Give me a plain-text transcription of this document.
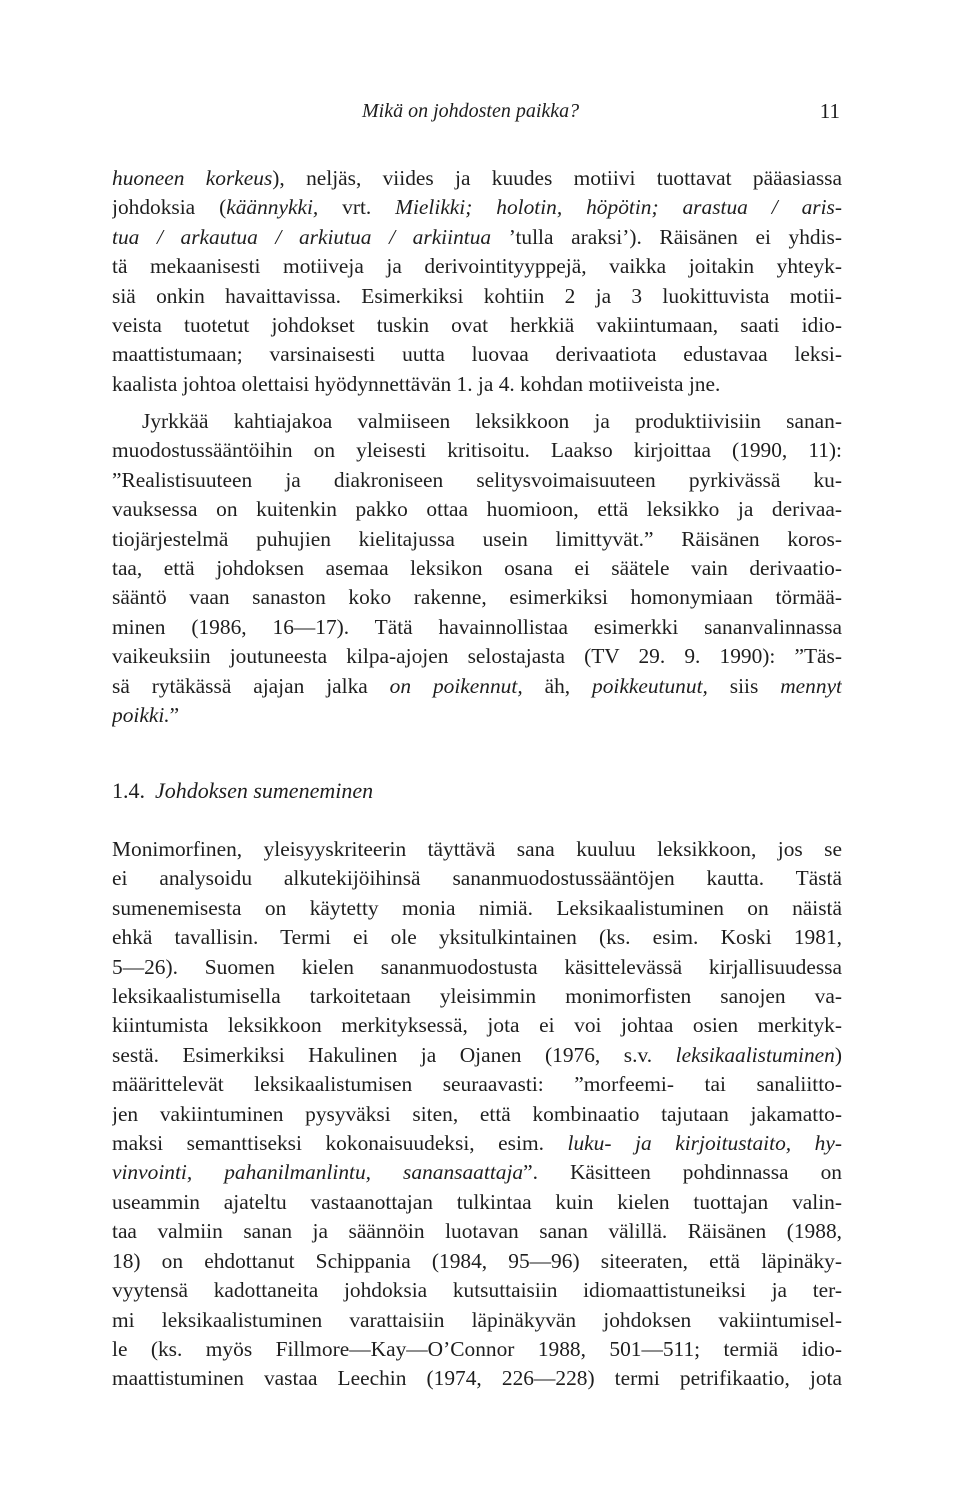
Mikä on johdosten paikka?	11

huoneen korkeus), neljäs, viides ja kuudes motiivi tuottavat pääasiassa

johdoksia (käännykki, vrt. Mielikki; holotin, höpötin; arastua / aris-

tua / arkautua / arkiutua / arkiintua ’tulla araksi’). Räisänen ei yhdis-

tä mekaanisesti motiiveja ja derivointityyppejä, vaikka joitakin yhteyk-

siä onkin havaittavissa. Esimerkiksi kohtiin 2 ja 3 luokittuvista motii-

veista tuotetut johdokset tuskin ovat herkkiä vakiintumaan, saati idio-

maattistumaan; varsinaisesti uutta luovaa derivaatiota edustavaa leksi-

kaalista johtoa olettaisi hyödynnettävän 1. ja 4. kohdan motiiveista jne.

Jyrkkää kahtiajakoa valmiiseen leksikkoon ja produktiivisiin sanan-

muodostussääntöihin on yleisesti kritisoitu. Laakso kirjoittaa (1990, 11):

”Realistisuuteen ja diakroniseen selitysvoimaisuuteen pyrkivässä ku-

vauksessa on kuitenkin pakko ottaa huomioon, että leksikko ja derivaa-

tiojärjestelmä puhujien kielitajussa usein limittyvät.” Räisänen koros-

taa, että johdoksen asemaa leksikon osana ei säätele vain derivaatio-

sääntö vaan sanaston koko rakenne, esimerkiksi homonymiaan törmää-

minen (1986, 16—17). Tätä havainnollistaa esimerkki sananvalinnassa

vaikeuksiin joutuneesta kilpa-ajojen selostajasta (TV 29. 9. 1990): ”Täs-

sä rytäkässä ajajan jalka on poikennut, äh, poikkeutunut, siis mennyt

poikki.”

1.4. Johdoksen sumeneminen

Monimorfinen, yleisyyskriteerin täyttävä sana kuuluu leksikkoon, jos se

ei analysoidu alkutekijöihinsä sananmuodostussääntöjen kautta. Tästä

sumenemisesta on käytetty monia nimiä. Leksikaalistuminen on näistä

ehkä tavallisin. Termi ei ole yksitulkintainen (ks. esim. Koski 1981,

5—26). Suomen kielen sananmuodostusta käsittelevässä kirjallisuudessa

leksikaalistumisella tarkoitetaan yleisimmin monimorfisten sanojen va-

kiintumista leksikkoon merkityksessä, jota ei voi johtaa osien merkityk-

sestä. Esimerkiksi Hakulinen ja Ojanen (1976, s.v. leksikaalistuminen)

määrittelevät leksikaalistumisen seuraavasti: ”morfeemi- tai sanaliitto-

jen vakiintuminen pysyväksi siten, että kombinaatio tajutaan jakamatto-

maksi semanttiseksi kokonaisuudeksi, esim. luku- ja kirjoitustaito, hy-

vinvointi, pahanilmanlintu, sanansaattaja”. Käsitteen pohdinnassa on

useammin ajateltu vastaanottajan tulkintaa kuin kielen tuottajan valin-

taa valmiin sanan ja säännöin luotavan sanan välillä. Räisänen (1988,

18) on ehdottanut Schippania (1984, 95—96) siteeraten, että läpinäky-

vyytensä kadottaneita johdoksia kutsuttaisiin idiomaattistuneiksi ja ter-

mi leksikaalistuminen varattaisiin läpinäkyvän johdoksen vakiintumisel-

le (ks. myös Fillmore—Kay—O’Connor 1988, 501—511; termiä idio-

maattistuminen vastaa Leechin (1974, 226—228) termi petrifikaatio, jota
